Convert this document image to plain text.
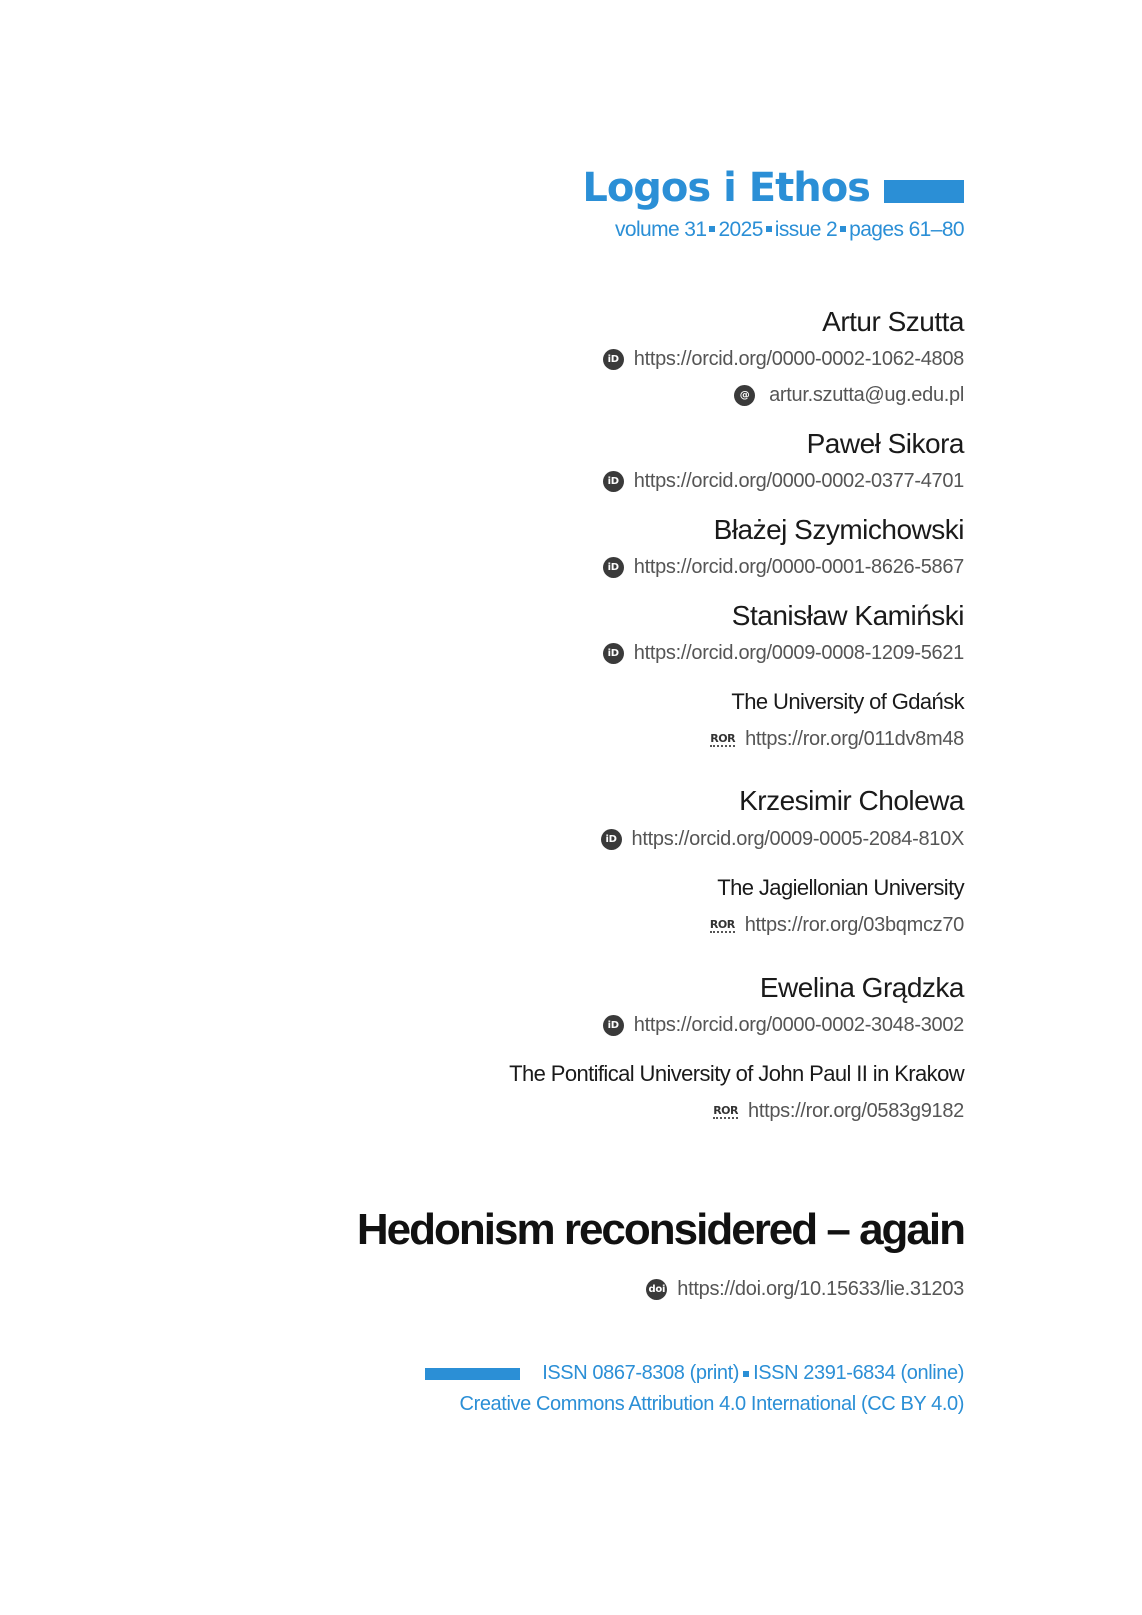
Logos i Ethos
volume 31 2025 issue 2 pages 61–80
Artur Szutta
iD https://orcid.org/0000-0002-1062-4808
@ artur.szutta@ug.edu.pl
Paweł Sikora
iD https://orcid.org/0000-0002-0377-4701
Błażej Szymichowski
iD https://orcid.org/0000-0001-8626-5867
Stanisław Kamiński
iD https://orcid.org/0009-0008-1209-5621
The University of Gdańsk
ROR https://ror.org/011dv8m48
Krzesimir Cholewa
iD https://orcid.org/0009-0005-2084-810X
The Jagiellonian University
ROR https://ror.org/03bqmcz70
Ewelina Grądzka
iD https://orcid.org/0000-0002-3048-3002
The Pontifical University of John Paul II in Krakow
ROR https://ror.org/0583g9182
Hedonism reconsidered – again
doi https://doi.org/10.15633/lie.31203
ISSN 0867-8308 (print) ISSN 2391-6834 (online)
Creative Commons Attribution 4.0 International (CC BY 4.0)
